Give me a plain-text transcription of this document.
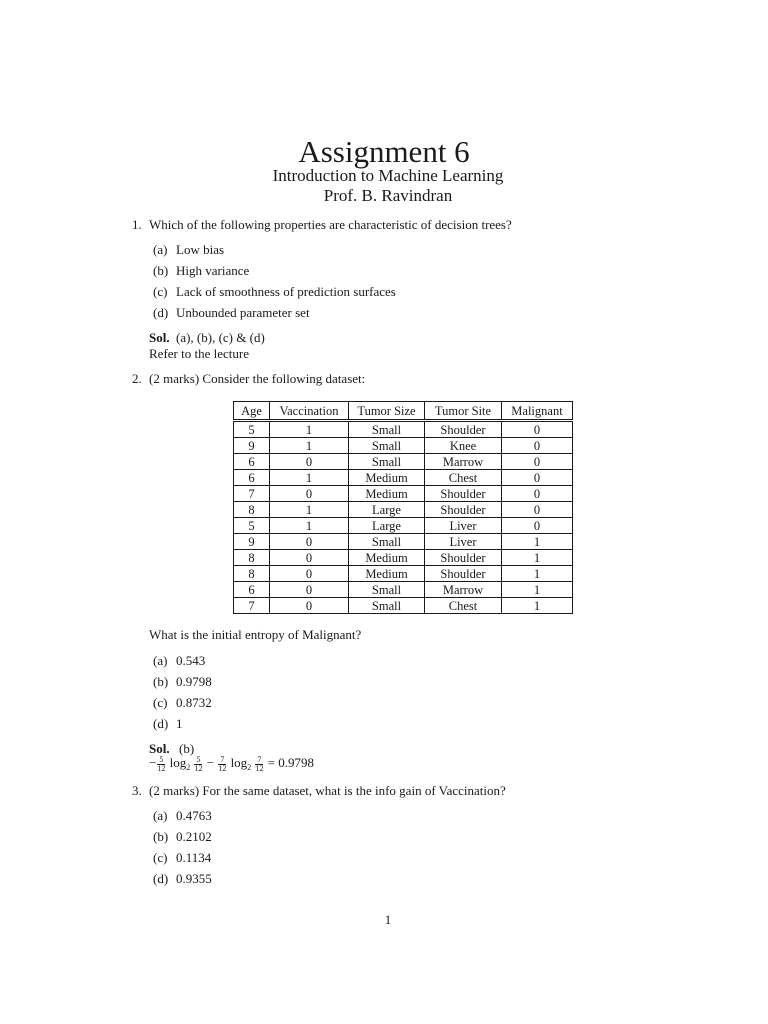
Assignment 6
Introduction to Machine Learning
Prof. B. Ravindran
1. Which of the following properties are characteristic of decision trees?
(a) Low bias
(b) High variance
(c) Lack of smoothness of prediction surfaces
(d) Unbounded parameter set
Sol. (a), (b), (c) & (d)
Refer to the lecture
2. (2 marks) Consider the following dataset:
Age	Vaccination	Tumor Size	Tumor Site	Malignant
5	1	Small	Shoulder	0
9	1	Small	Knee	0
6	0	Small	Marrow	0
6	1	Medium	Chest	0
7	0	Medium	Shoulder	0
8	1	Large	Shoulder	0
5	1	Large	Liver	0
9	0	Small	Liver	1
8	0	Medium	Shoulder	1
8	0	Medium	Shoulder	1
6	0	Small	Marrow	1
7	0	Small	Chest	1
What is the initial entropy of Malignant?
(a) 0.543
(b) 0.9798
(c) 0.8732
(d) 1
Sol. (b)
− $\frac{5}{12} \log_2 \frac{5}{12} - \frac{7}{12} \log_2 \frac{7}{12} = 0.9798$
3. (2 marks) For the same dataset, what is the info gain of Vaccination?
(a) 0.4763
(b) 0.2102
(c) 0.1134
(d) 0.9355
1
